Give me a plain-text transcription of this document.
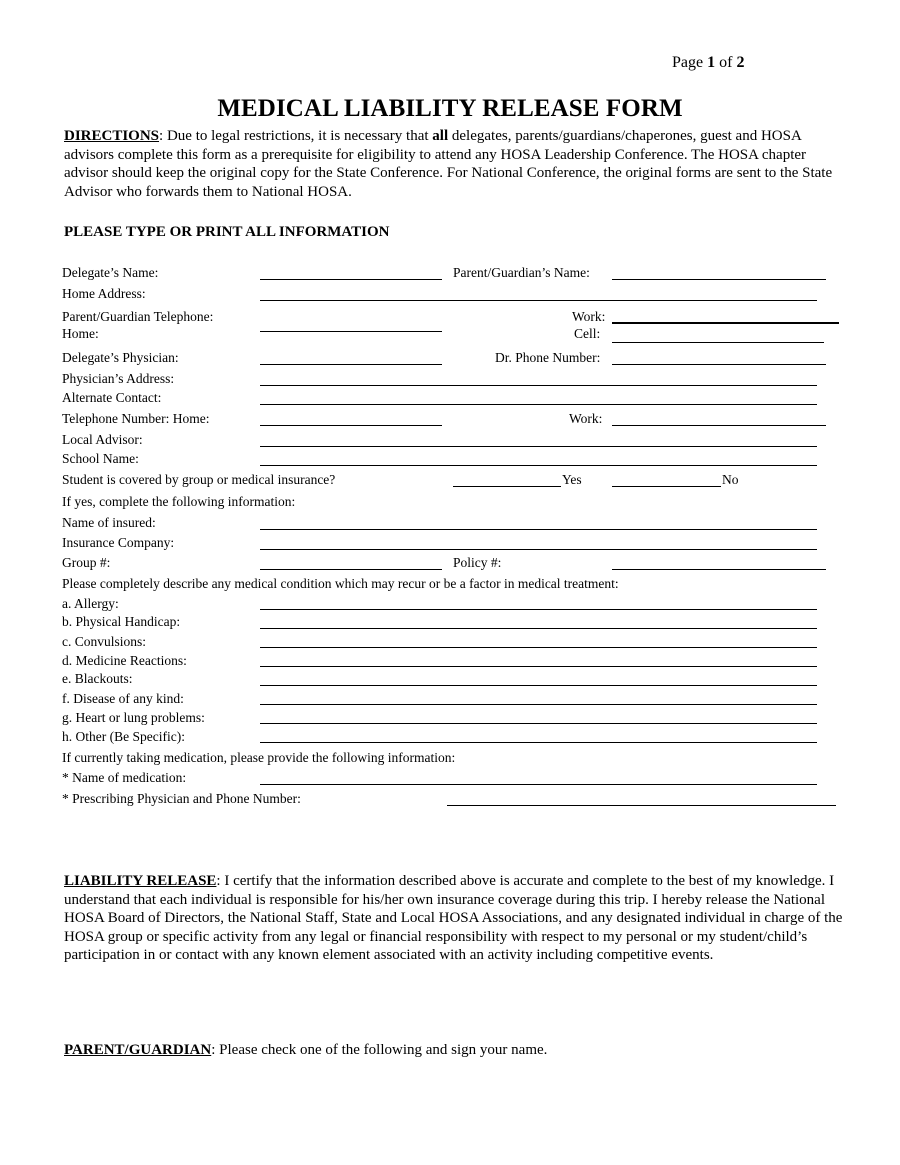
Page 1 of 2
MEDICAL LIABILITY RELEASE FORM

DIRECTIONS: Due to legal restrictions, it is necessary that all delegates, parents/guardians/chaperones, guest and HOSA advisors complete this form as a prerequisite for eligibility to attend any HOSA Leadership Conference. The HOSA chapter advisor should keep the original copy for the State Conference. For National Conference, the original forms are sent to the State Advisor who forwards them to National HOSA.

PLEASE TYPE OR PRINT ALL INFORMATION

Delegate’s Name:	Parent/Guardian’s Name:
Home Address:
Parent/Guardian Telephone:
Home:
Work:
Cell:
Delegate’s Physician:	Dr. Phone Number:
Physician’s Address:
Alternate Contact:
Telephone Number: Home:	Work:
Local Advisor:
School Name:
Student is covered by group or medical insurance?	Yes	No
If yes, complete the following information:
Name of insured:
Insurance Company:
Group #:	Policy #:
Please completely describe any medical condition which may recur or be a factor in medical treatment:
a. Allergy:
b. Physical Handicap:
c. Convulsions:
d. Medicine Reactions:
e. Blackouts:
f. Disease of any kind:
g. Heart or lung problems:
h. Other (Be Specific):
If currently taking medication, please provide the following information:
* Name of medication:
* Prescribing Physician and Phone Number:

LIABILITY RELEASE: I certify that the information described above is accurate and complete to the best of my knowledge. I understand that each individual is responsible for his/her own insurance coverage during this trip. I hereby release the National HOSA Board of Directors, the National Staff, State and Local HOSA Associations, and any designated individual in charge of the HOSA group or specific activity from any legal or financial responsibility with respect to my personal or my student/child’s participation in or contact with any known element associated with an activity including competitive events.

PARENT/GUARDIAN: Please check one of the following and sign your name.
